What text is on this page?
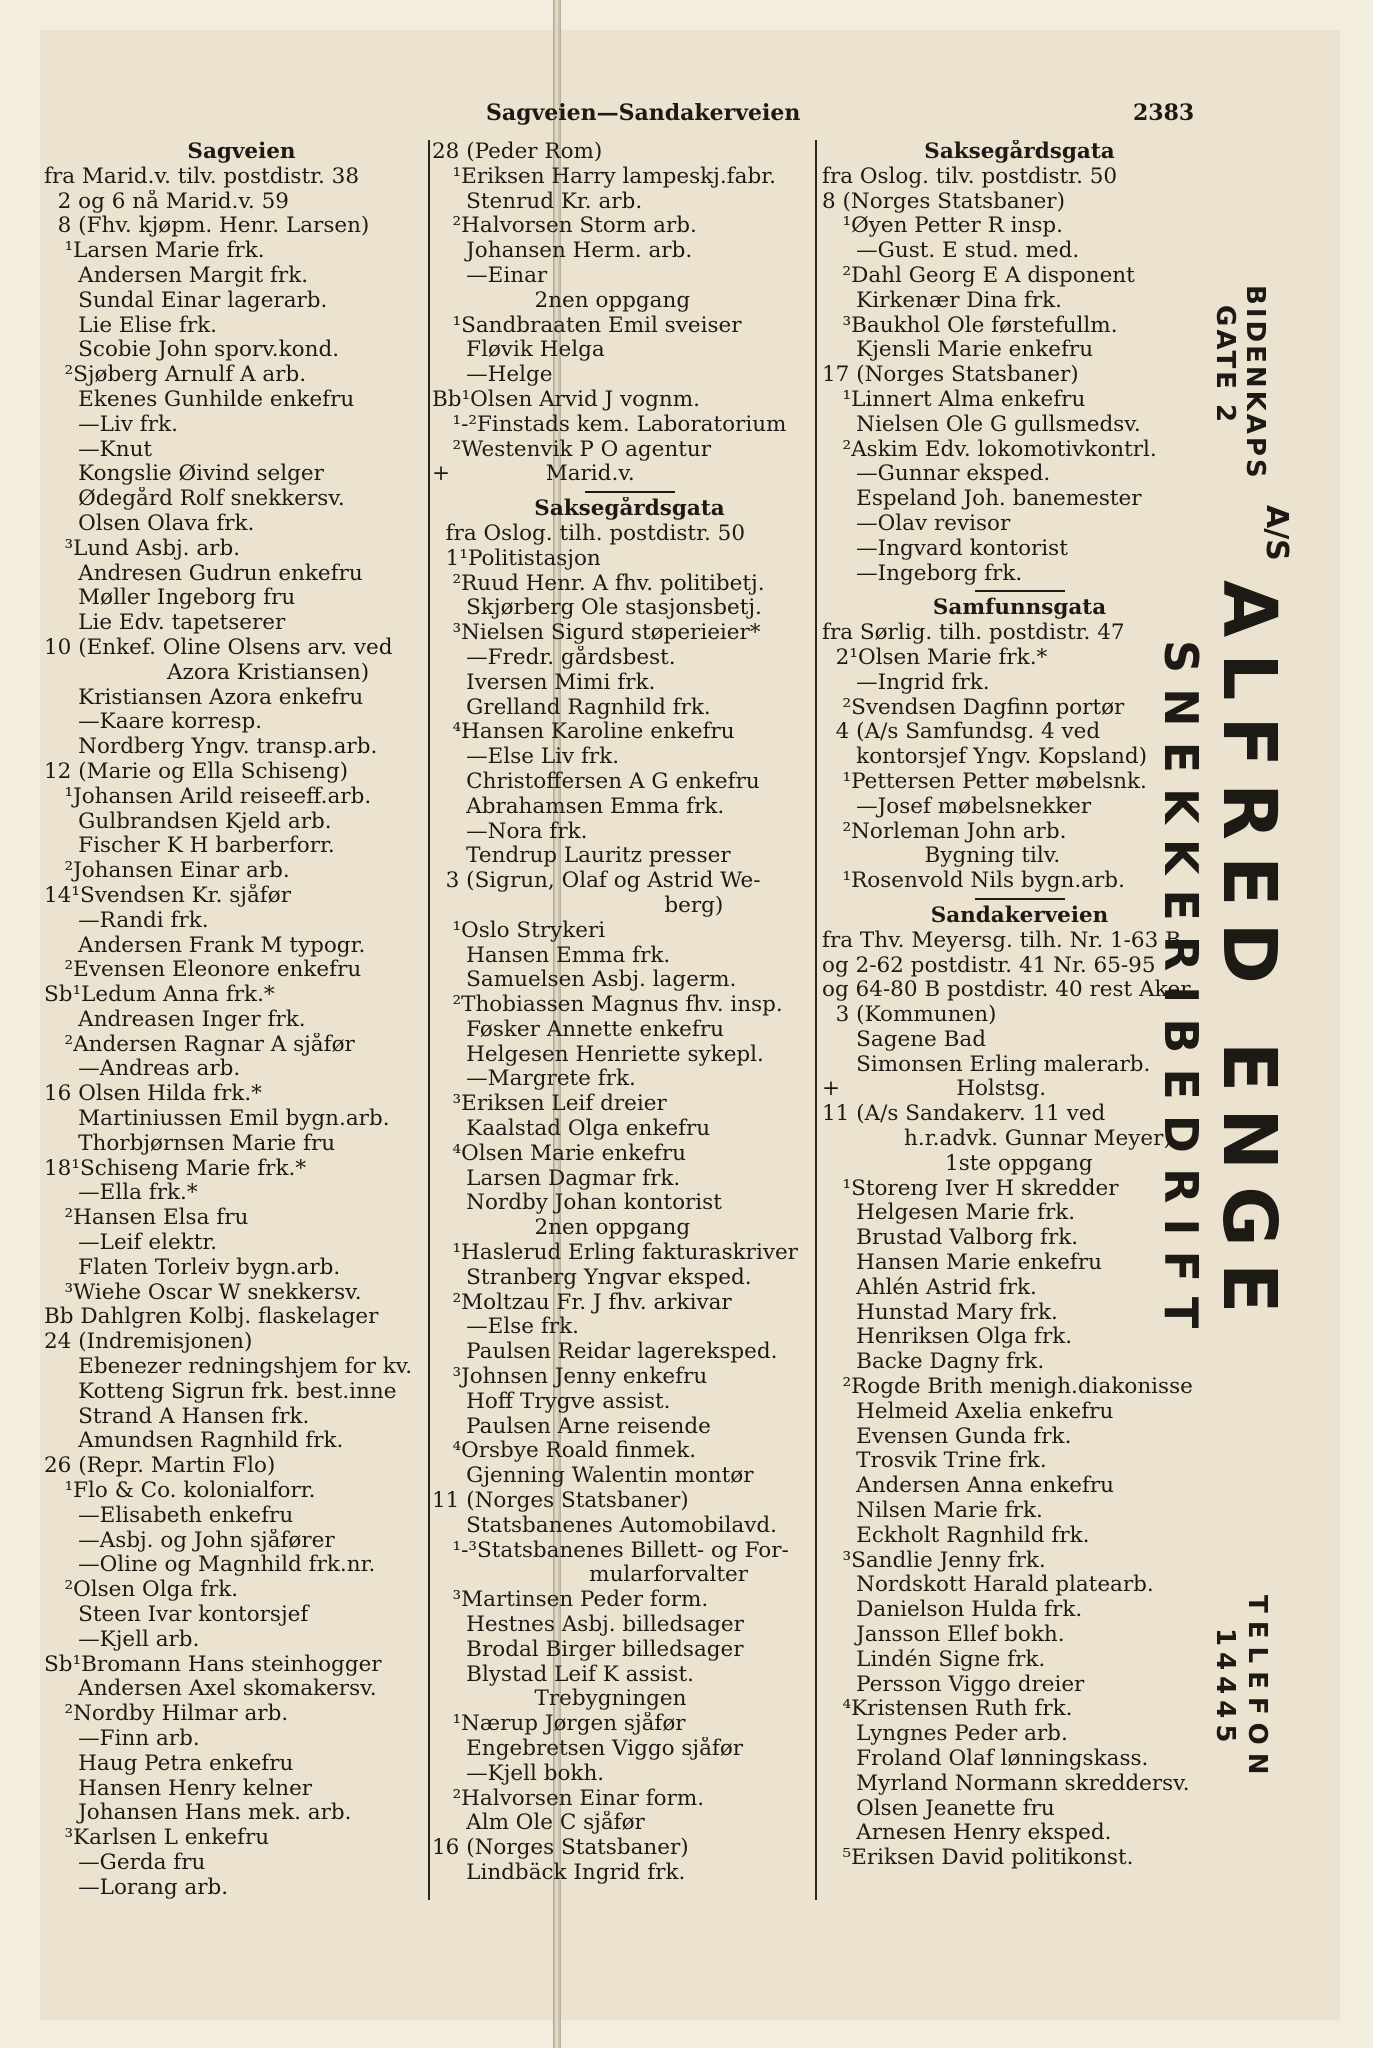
Sagveien—Sandakerveien	2383
Sagveien
fra Marid.v. tilv. postdistr. 38
2 og 6 nå Marid.v. 59
8 (Fhv. kjøpm. Henr. Larsen)
¹Larsen Marie frk.
Andersen Margit frk.
Sundal Einar lagerarb.
Lie Elise frk.
Scobie John sporv.kond.
²Sjøberg Arnulf A arb.
Ekenes Gunhilde enkefru
—Liv frk.
—Knut
Kongslie Øivind selger
Ødegård Rolf snekkersv.
Olsen Olava frk.
³Lund Asbj. arb.
Andresen Gudrun enkefru
Møller Ingeborg fru
Lie Edv. tapetserer
10 (Enkef. Oline Olsens arv. ved
Azora Kristiansen)
Kristiansen Azora enkefru
—Kaare korresp.
Nordberg Yngv. transp.arb.
12 (Marie og Ella Schiseng)
¹Johansen Arild reiseeff.arb.
Gulbrandsen Kjeld arb.
Fischer K H barberforr.
²Johansen Einar arb.
14¹Svendsen Kr. sjåfør
—Randi frk.
Andersen Frank M typogr.
²Evensen Eleonore enkefru
Sb¹Ledum Anna frk.*
Andreasen Inger frk.
²Andersen Ragnar A sjåfør
—Andreas arb.
16 Olsen Hilda frk.*
Martiniussen Emil bygn.arb.
Thorbjørnsen Marie fru
18¹Schiseng Marie frk.*
—Ella frk.*
²Hansen Elsa fru
—Leif elektr.
Flaten Torleiv bygn.arb.
³Wiehe Oscar W snekkersv.
Bb Dahlgren Kolbj. flaskelager
24 (Indremisjonen)
Ebenezer redningshjem for kv.
Kotteng Sigrun frk. best.inne
Strand A Hansen frk.
Amundsen Ragnhild frk.
26 (Repr. Martin Flo)
¹Flo & Co. kolonialforr.
—Elisabeth enkefru
—Asbj. og John sjåfører
—Oline og Magnhild frk.nr.
²Olsen Olga frk.
Steen Ivar kontorsjef
—Kjell arb.
Sb¹Bromann Hans steinhogger
Andersen Axel skomakersv.
²Nordby Hilmar arb.
—Finn arb.
Haug Petra enkefru
Hansen Henry kelner
Johansen Hans mek. arb.
³Karlsen L enkefru
—Gerda fru
—Lorang arb.
28 (Peder Rom)
¹Eriksen Harry lampeskj.fabr.
Stenrud Kr. arb.
²Halvorsen Storm arb.
Johansen Herm. arb.
—Einar
2nen oppgang
¹Sandbraaten Emil sveiser
Fløvik Helga
—Helge
Bb¹Olsen Arvid J vognm.
¹-²Finstads kem. Laboratorium
²Westenvik P O agentur
+              Marid.v.
Saksegårdsgata
fra Oslog. tilh. postdistr. 50
1¹Politistasjon
²Ruud Henr. A fhv. politibetj.
Skjørberg Ole stasjonsbetj.
³Nielsen Sigurd støperieier*
—Fredr. gårdsbest.
Iversen Mimi frk.
Grelland Ragnhild frk.
⁴Hansen Karoline enkefru
—Else Liv frk.
Christoffersen A G enkefru
Abrahamsen Emma frk.
—Nora frk.
Tendrup Lauritz presser
3 (Sigrun, Olaf og Astrid We-
berg)
¹Oslo Strykeri
Hansen Emma frk.
Samuelsen Asbj. lagerm.
²Thobiassen Magnus fhv. insp.
Føsker Annette enkefru
Helgesen Henriette sykepl.
—Margrete frk.
³Eriksen Leif dreier
Kaalstad Olga enkefru
⁴Olsen Marie enkefru
Larsen Dagmar frk.
Nordby Johan kontorist
2nen oppgang
¹Haslerud Erling fakturaskriver
Stranberg Yngvar eksped.
²Moltzau Fr. J fhv. arkivar
—Else frk.
Paulsen Reidar lagereksped.
³Johnsen Jenny enkefru
Hoff Trygve assist.
Paulsen Arne reisende
⁴Orsbye Roald finmek.
Gjenning Walentin montør
11 (Norges Statsbaner)
Statsbanenes Automobilavd.
¹-³Statsbanenes Billett- og For-
mularforvalter
³Martinsen Peder form.
Hestnes Asbj. billedsager
Brodal Birger billedsager
Blystad Leif K assist.
Trebygningen
¹Nærup Jørgen sjåfør
Engebretsen Viggo sjåfør
—Kjell bokh.
²Halvorsen Einar form.
Alm Ole C sjåfør
16 (Norges Statsbaner)
Lindbäck Ingrid frk.
Saksegårdsgata
fra Oslog. tilv. postdistr. 50
8 (Norges Statsbaner)
¹Øyen Petter R insp.
—Gust. E stud. med.
²Dahl Georg E A disponent
Kirkenær Dina frk.
³Baukhol Ole førstefullm.
Kjensli Marie enkefru
17 (Norges Statsbaner)
¹Linnert Alma enkefru
Nielsen Ole G gullsmedsv.
²Askim Edv. lokomotivkontrl.
—Gunnar eksped.
Espeland Joh. banemester
—Olav revisor
—Ingvard kontorist
—Ingeborg frk.
Samfunnsgata
fra Sørlig. tilh. postdistr. 47
2¹Olsen Marie frk.*
—Ingrid frk.
²Svendsen Dagfinn portør
4 (A/s Samfundsg. 4 ved
kontorsjef Yngv. Kopsland)
¹Pettersen Petter møbelsnk.
—Josef møbelsnekker
²Norleman John arb.
Bygning tilv.
¹Rosenvold Nils bygn.arb.
Sandakerveien
fra Thv. Meyersg. tilh. Nr. 1-63 B
og 2-62 postdistr. 41 Nr. 65-95
og 64-80 B postdistr. 40 rest Aker
3 (Kommunen)
Sagene Bad
Simonsen Erling malerarb.
+                 Holstsg.
11 (A/s Sandakerv. 11 ved
h.r.advk. Gunnar Meyer)
1ste oppgang
¹Storeng Iver H skredder
Helgesen Marie frk.
Brustad Valborg frk.
Hansen Marie enkefru
Ahlén Astrid frk.
Hunstad Mary frk.
Henriksen Olga frk.
Backe Dagny frk.
²Rogde Brith menigh.diakonisse
Helmeid Axelia enkefru
Evensen Gunda frk.
Trosvik Trine frk.
Andersen Anna enkefru
Nilsen Marie frk.
Eckholt Ragnhild frk.
³Sandlie Jenny frk.
Nordskott Harald platearb.
Danielson Hulda frk.
Jansson Ellef bokh.
Lindén Signe frk.
Persson Viggo dreier
⁴Kristensen Ruth frk.
Lyngnes Peder arb.
Froland Olaf lønningskass.
Myrland Normann skreddersv.
Olsen Jeanette fru
Arnesen Henry eksped.
⁵Eriksen David politikonst.
BIDENKAPS
GATE 2
A/S
ALFRED ENGE
SNEKKERIBEDRIFT
TELEFON
14445
